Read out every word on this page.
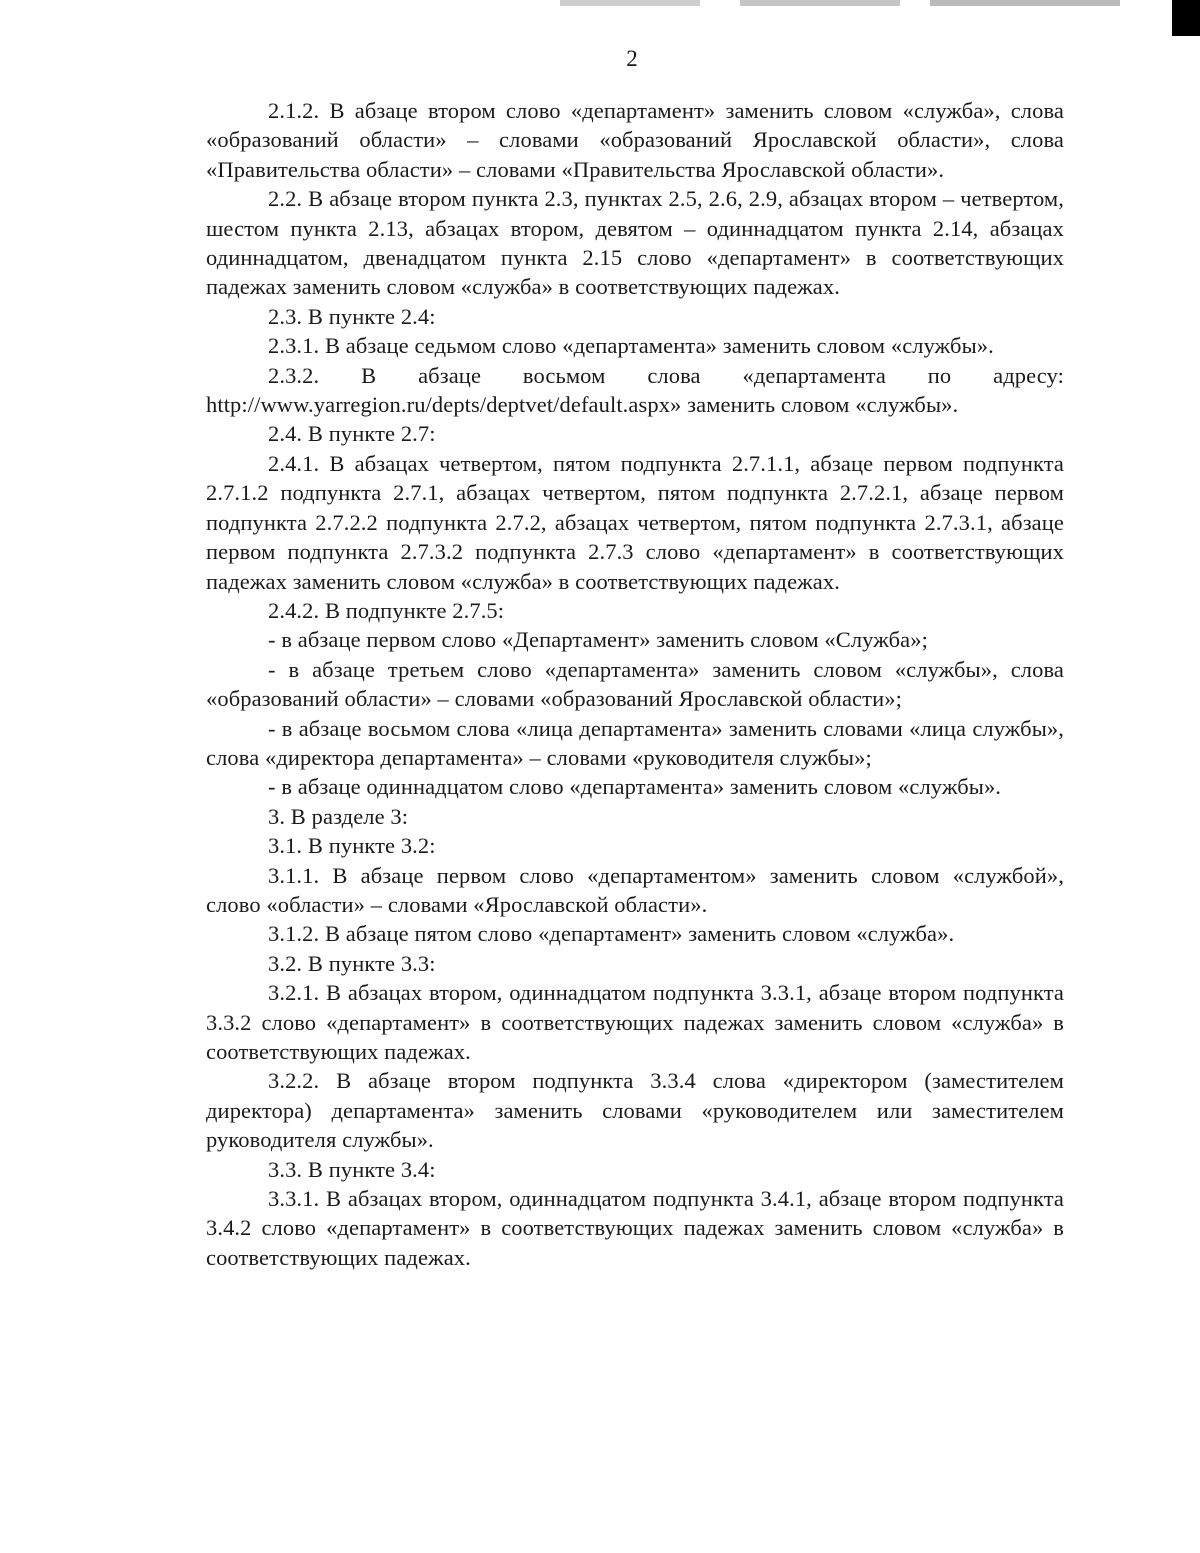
2

2.1.2. В абзаце втором слово «департамент» заменить словом «служба», слова «образований области» – словами «образований Ярославской области», слова «Правительства области» – словами «Правительства Ярославской области».

2.2. В абзаце втором пункта 2.3, пунктах 2.5, 2.6, 2.9, абзацах втором – четвертом, шестом пункта 2.13, абзацах втором, девятом – одиннадцатом пункта 2.14, абзацах одиннадцатом, двенадцатом пункта 2.15 слово «департамент» в соответствующих падежах заменить словом «служба» в соответствующих падежах.

2.3. В пункте 2.4:

2.3.1. В абзаце седьмом слово «департамента» заменить словом «службы».

2.3.2. В абзаце восьмом слова «департамента по адресу: http://www.yarregion.ru/depts/deptvet/default.aspx» заменить словом «службы».

2.4. В пункте 2.7:

2.4.1. В абзацах четвертом, пятом подпункта 2.7.1.1, абзаце первом подпункта 2.7.1.2 подпункта 2.7.1, абзацах четвертом, пятом подпункта 2.7.2.1, абзаце первом подпункта 2.7.2.2 подпункта 2.7.2, абзацах четвертом, пятом подпункта 2.7.3.1, абзаце первом подпункта 2.7.3.2 подпункта 2.7.3 слово «департамент» в соответствующих падежах заменить словом «служба» в соответствующих падежах.

2.4.2. В подпункте 2.7.5:

- в абзаце первом слово «Департамент» заменить словом «Служба»;

- в абзаце третьем слово «департамента» заменить словом «службы», слова «образований области» – словами «образований Ярославской области»;

- в абзаце восьмом слова «лица департамента» заменить словами «лица службы», слова «директора департамента» – словами «руководителя службы»;

- в абзаце одиннадцатом слово «департамента» заменить словом «службы».

3. В разделе 3:

3.1. В пункте 3.2:

3.1.1. В абзаце первом слово «департаментом» заменить словом «службой», слово «области» – словами «Ярославской области».

3.1.2. В абзаце пятом слово «департамент» заменить словом «служба».

3.2. В пункте 3.3:

3.2.1. В абзацах втором, одиннадцатом подпункта 3.3.1, абзаце втором подпункта 3.3.2 слово «департамент» в соответствующих падежах заменить словом «служба» в соответствующих падежах.

3.2.2. В абзаце втором подпункта 3.3.4 слова «директором (заместителем директора) департамента» заменить словами «руководителем или заместителем руководителя службы».

3.3. В пункте 3.4:

3.3.1. В абзацах втором, одиннадцатом подпункта 3.4.1, абзаце втором подпункта 3.4.2 слово «департамент» в соответствующих падежах заменить словом «служба» в соответствующих падежах.
